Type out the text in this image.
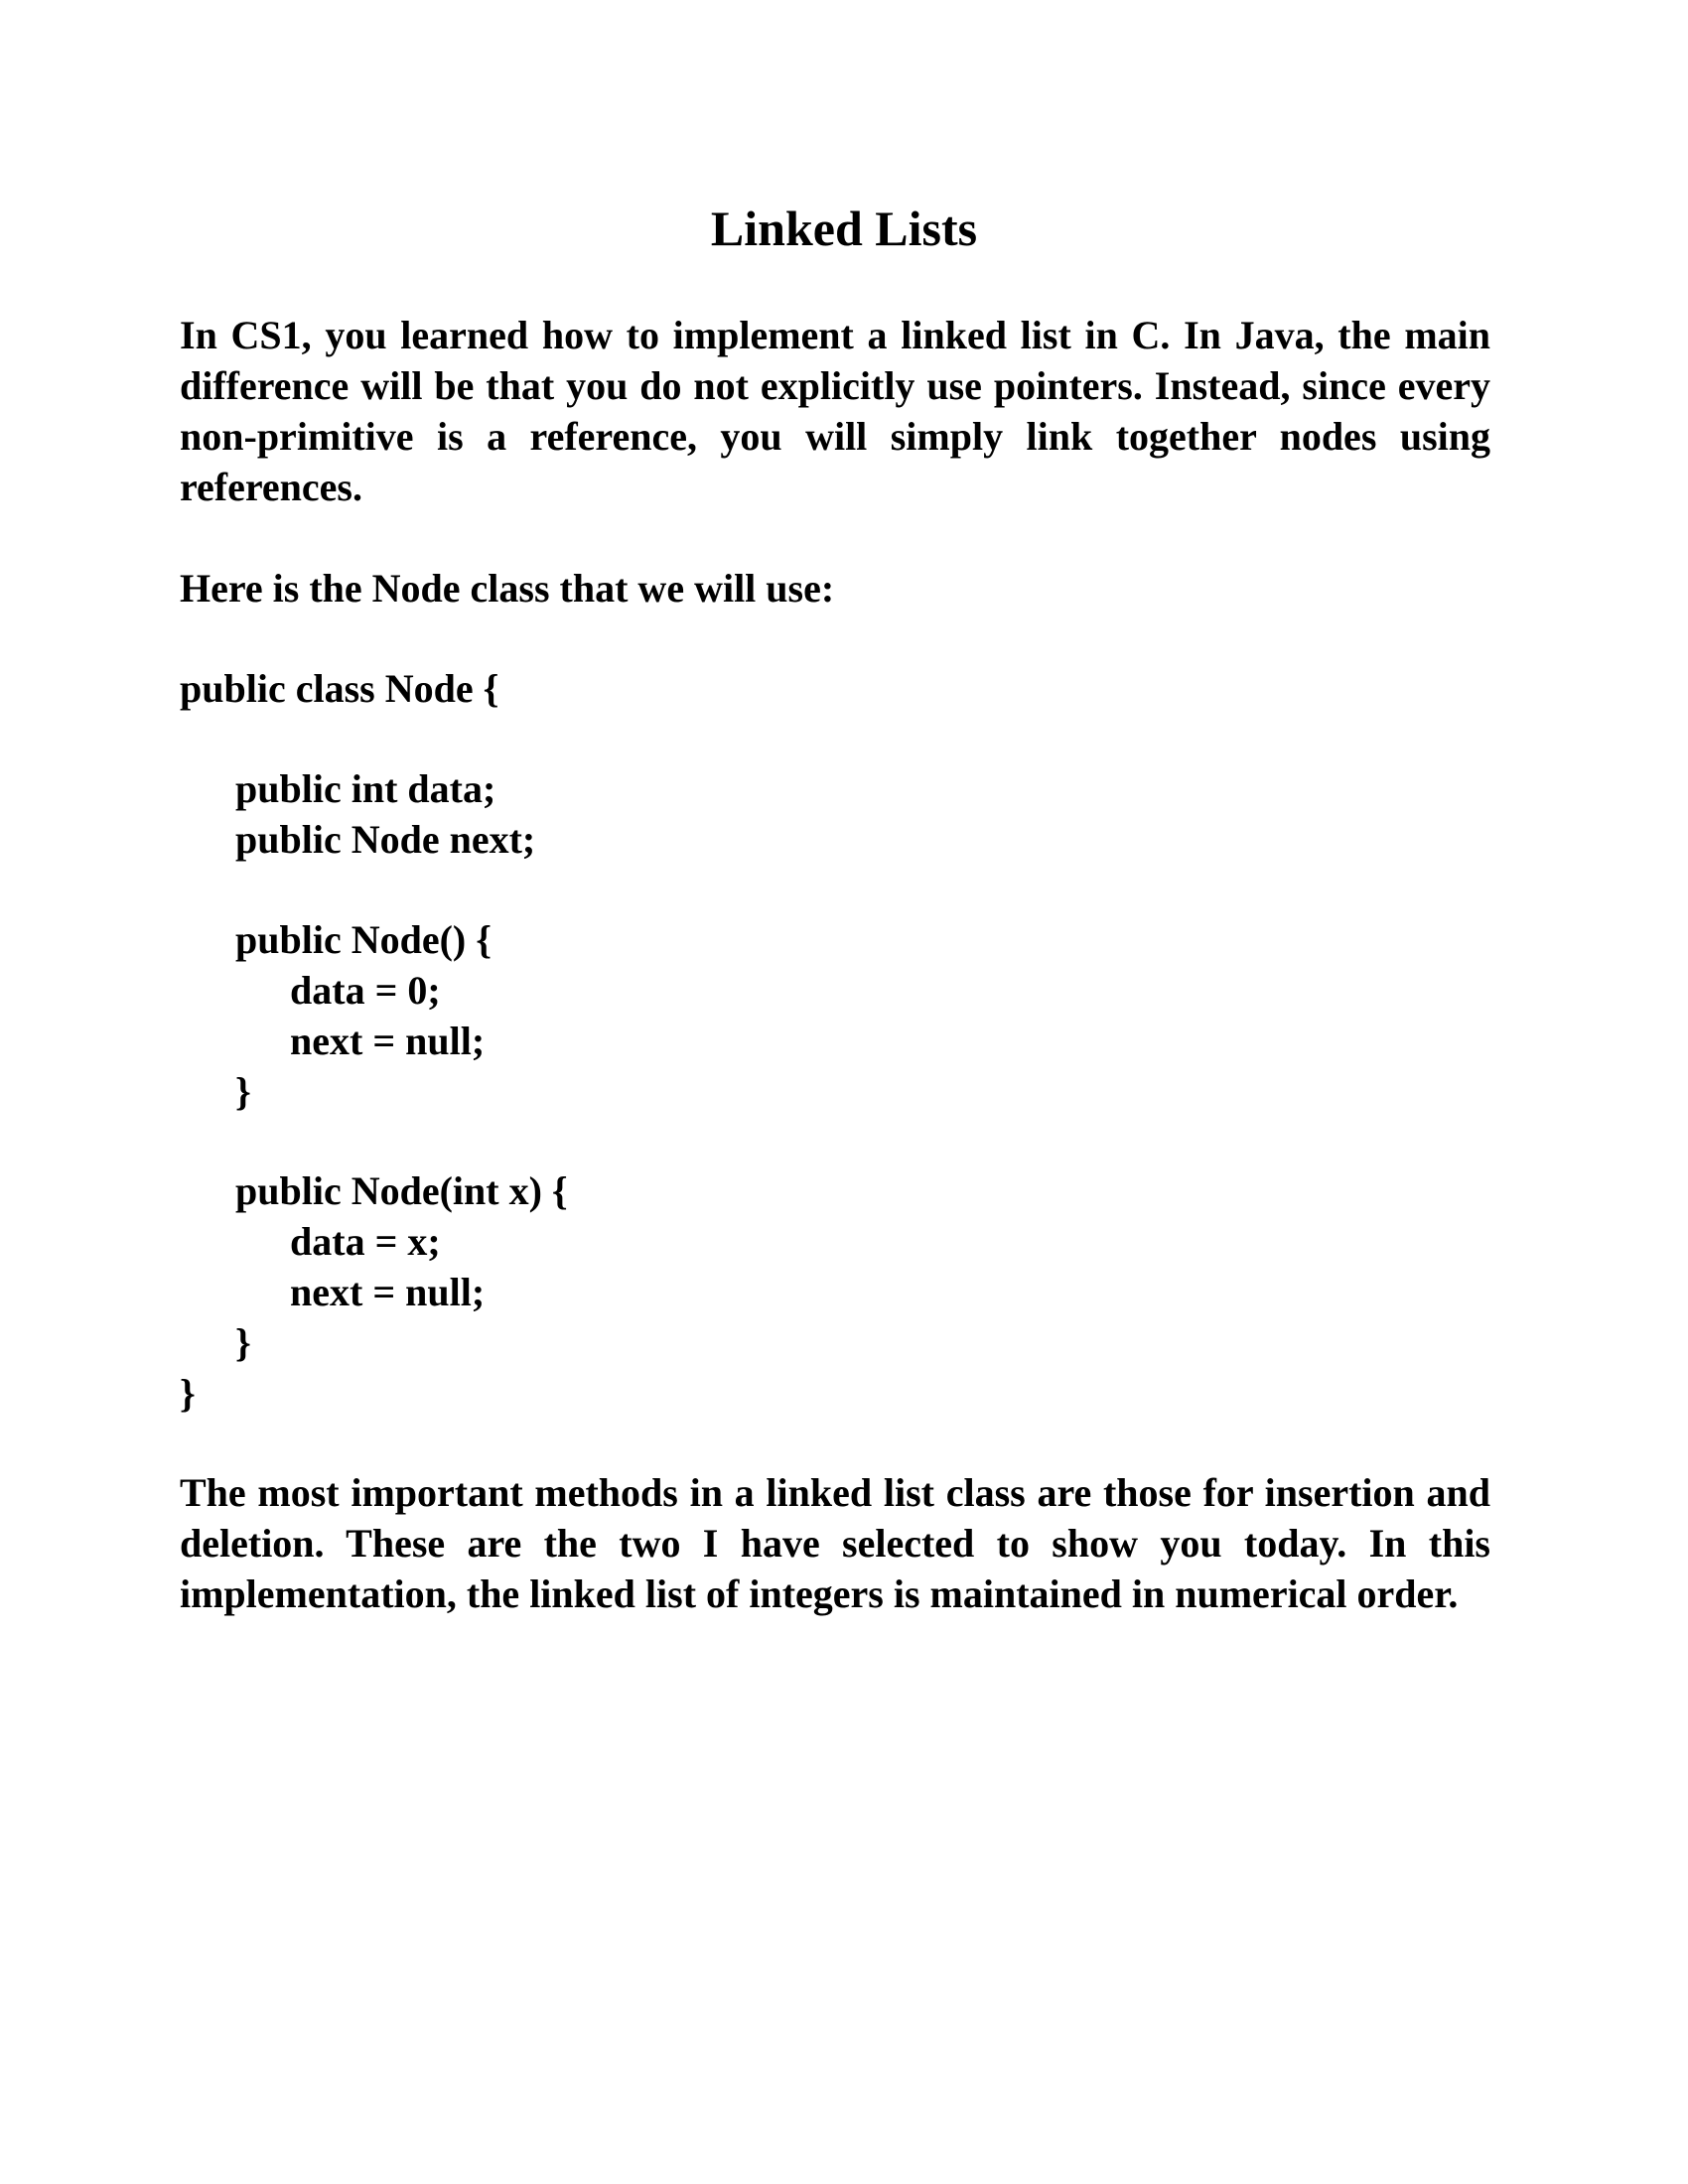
Linked Lists
In CS1, you learned how to implement a linked list in C. In Java, the main difference will be that you do not explicitly use pointers. Instead, since every non-primitive is a reference, you will simply link together nodes using references.
Here is the Node class that we will use:
public class Node {
public int data;
public Node next;
public Node() {
data = 0;
next = null;
}
public Node(int x) {
data = x;
next = null;
}
}
The most important methods in a linked list class are those for insertion and deletion. These are the two I have selected to show you today. In this implementation, the linked list of integers is maintained in numerical order.
